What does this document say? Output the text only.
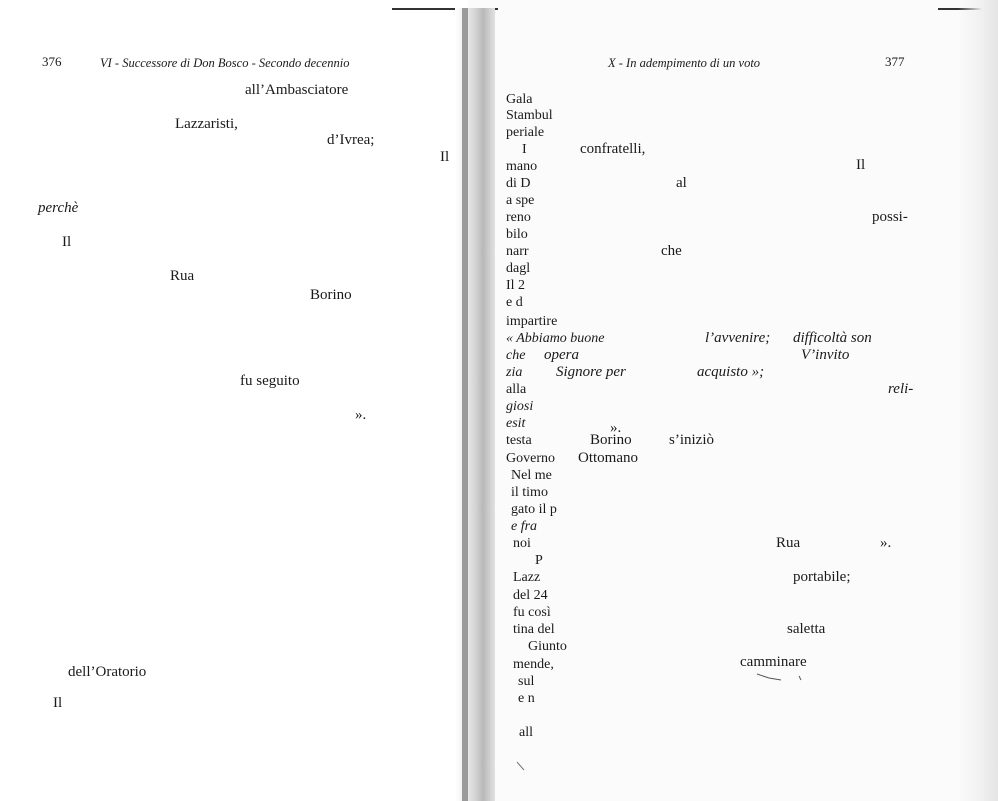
376	VI - Successore di Don Bosco - Secondo decennio
all’Ambasciatore
Lazzaristi,
d’Ivrea;
Il
perchè
Il
Rua
Borino
fu seguito
».
dell’Oratorio
Il
X - In adempimento di un voto	377
Gala
Stambul
periale
I
mano
di D
a spe
reno
bilo
narr
dagl
Il 2
e d
impartire
« Abbiamo buone
che
zia
alla
giosi
esit
testa
Governo
Nel me
il timo
gato il p
e fra
noi
P
Lazz
del 24
fu così
tina del
Giunto
mende,
sul
e n
all
confratelli,
Il
al
possi-
che
l’avvenire; difficoltà son
opera	V’invito
Signore per	acquisto »;
reli-
».
Borino s’iniziò
Ottomano
Rua	».
portabile;
saletta
camminare
